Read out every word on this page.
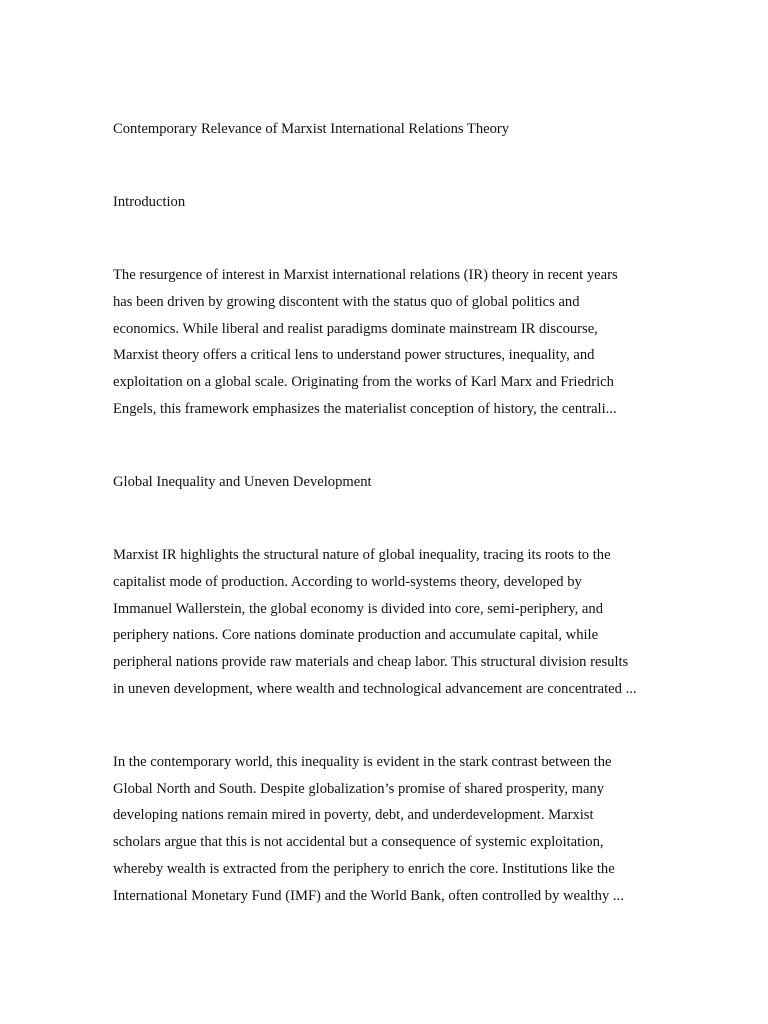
Contemporary Relevance of Marxist International Relations Theory

Introduction

The resurgence of interest in Marxist international relations (IR) theory in recent years

has been driven by growing discontent with the status quo of global politics and

economics. While liberal and realist paradigms dominate mainstream IR discourse,

Marxist theory offers a critical lens to understand power structures, inequality, and

exploitation on a global scale. Originating from the works of Karl Marx and Friedrich

Engels, this framework emphasizes the materialist conception of history, the centrali...

Global Inequality and Uneven Development

Marxist IR highlights the structural nature of global inequality, tracing its roots to the

capitalist mode of production. According to world-systems theory, developed by

Immanuel Wallerstein, the global economy is divided into core, semi-periphery, and

periphery nations. Core nations dominate production and accumulate capital, while

peripheral nations provide raw materials and cheap labor. This structural division results

in uneven development, where wealth and technological advancement are concentrated ...

In the contemporary world, this inequality is evident in the stark contrast between the

Global North and South. Despite globalization’s promise of shared prosperity, many

developing nations remain mired in poverty, debt, and underdevelopment. Marxist

scholars argue that this is not accidental but a consequence of systemic exploitation,

whereby wealth is extracted from the periphery to enrich the core. Institutions like the

International Monetary Fund (IMF) and the World Bank, often controlled by wealthy ...
